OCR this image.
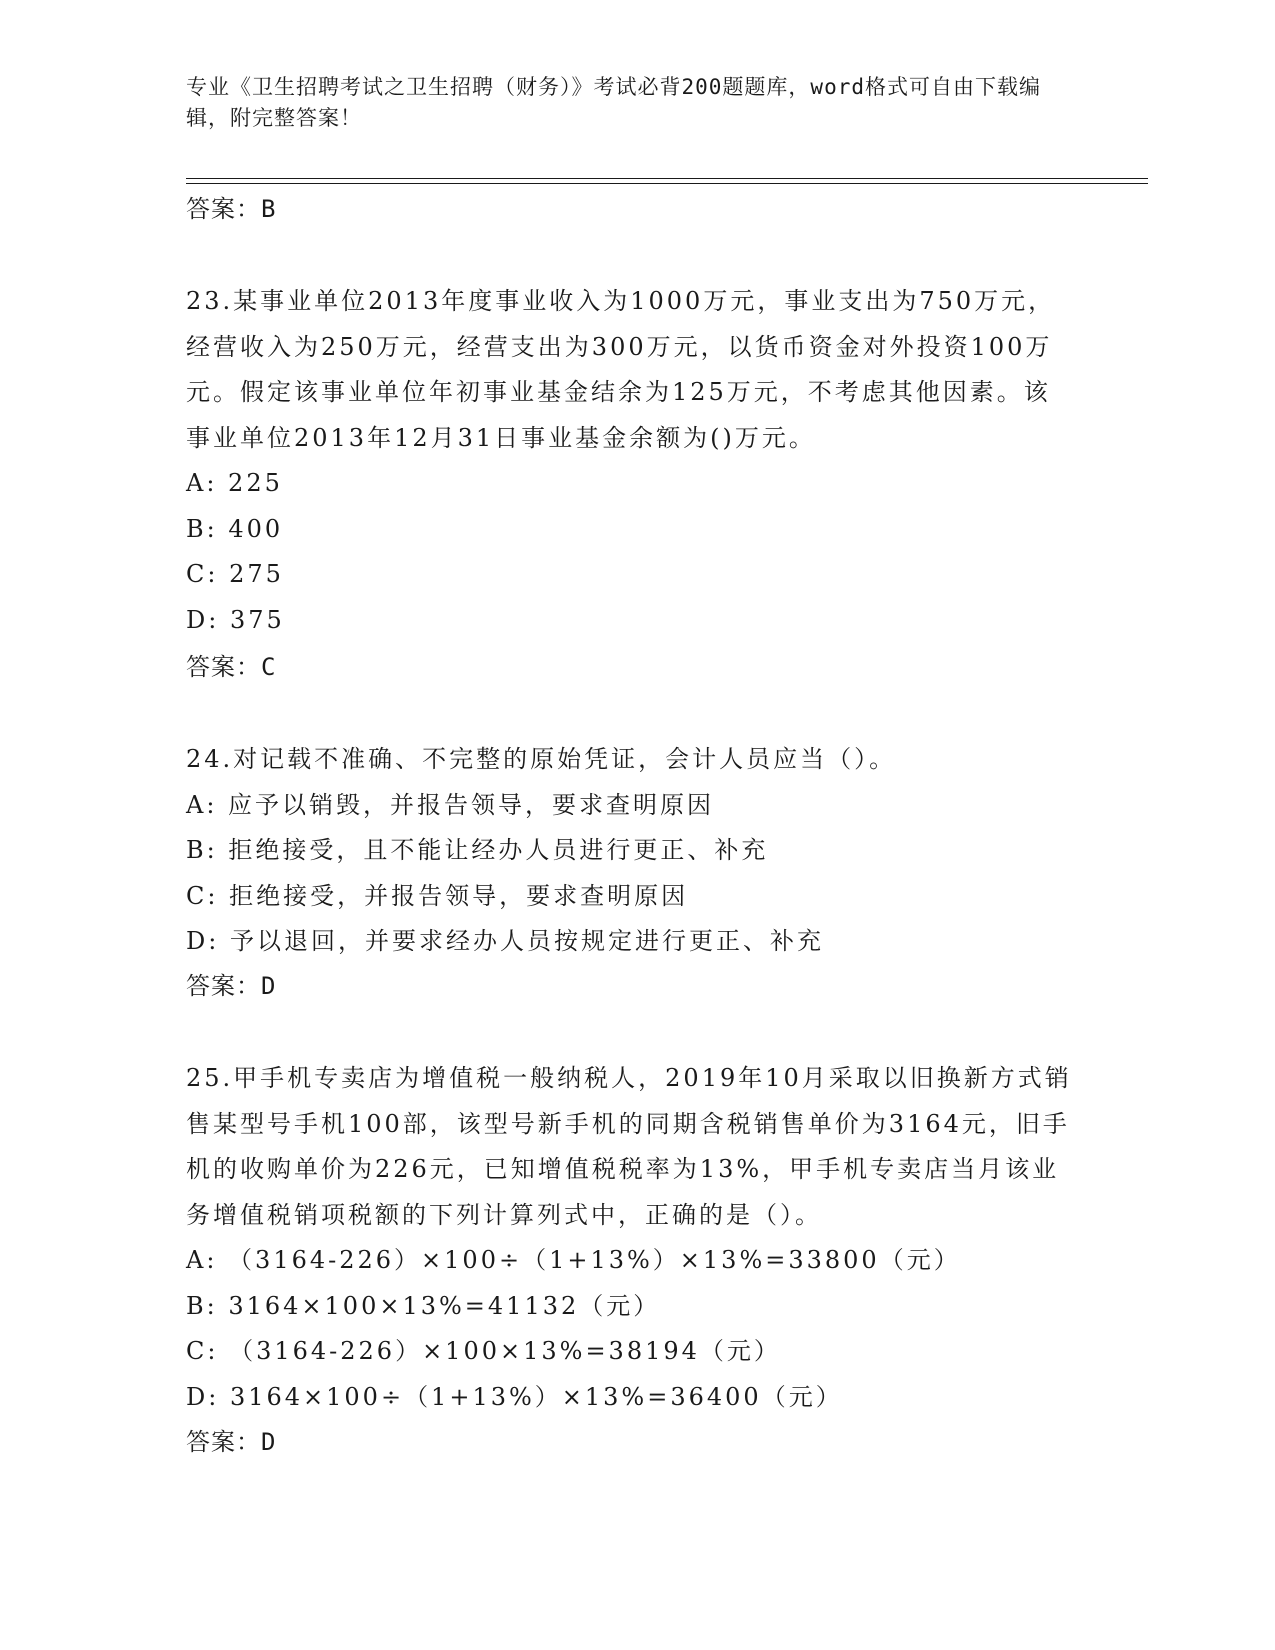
专业《卫生招聘考试之卫生招聘（财务）》考试必背200题题库，word格式可自由下载编辑，附完整答案！
答案：B

23.某事业单位2013年度事业收入为1000万元，事业支出为750万元，经营收入为250万元，经营支出为300万元，以货币资金对外投资100万元。假定该事业单位年初事业基金结余为125万元，不考虑其他因素。该事业单位2013年12月31日事业基金余额为()万元。

A: 225

B: 400

C: 275

D: 375

答案：C

24.对记载不准确、不完整的原始凭证，会计人员应当（）。

A: 应予以销毁，并报告领导，要求查明原因

B: 拒绝接受，且不能让经办人员进行更正、补充

C: 拒绝接受，并报告领导，要求查明原因

D: 予以退回，并要求经办人员按规定进行更正、补充

答案：D

25.甲手机专卖店为增值税一般纳税人，2019年10月采取以旧换新方式销售某型号手机100部，该型号新手机的同期含税销售单价为3164元，旧手机的收购单价为226元，已知增值税税率为13%，甲手机专卖店当月该业务增值税销项税额的下列计算列式中，正确的是（）。

A: （3164-226）×100÷（1+13%）×13%=33800（元）

B: 3164×100×13%=41132（元）

C: （3164-226）×100×13%=38194（元）

D: 3164×100÷（1+13%）×13%=36400（元）

答案：D
